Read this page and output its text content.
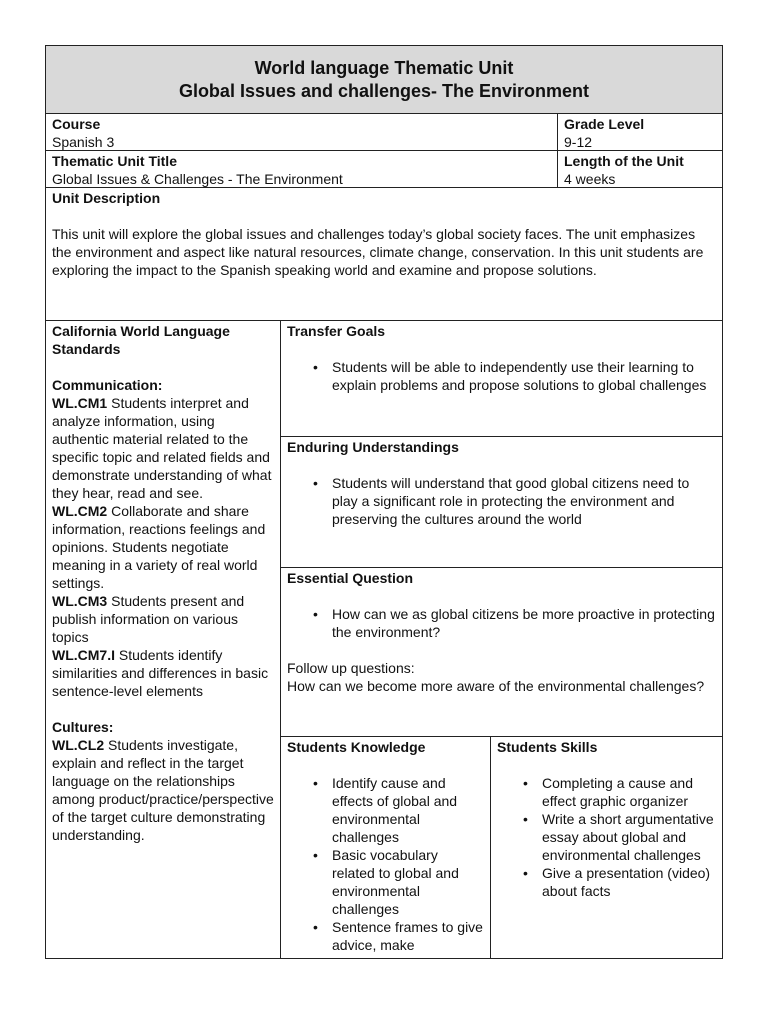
World language Thematic Unit
Global Issues and challenges- The Environment
Course
Spanish 3
Grade Level
9-12
Thematic Unit Title
Global Issues & Challenges - The Environment
Length of the Unit
4 weeks
Unit Description

This unit will explore the global issues and challenges today’s global society faces. The unit emphasizes the environment and aspect like natural resources, climate change, conservation. In this unit students are exploring the impact to the Spanish speaking world and examine and propose solutions.

California World Language Standards
Communication:

WL.CM1 Students interpret and analyze information, using authentic material related to the specific topic and related fields and demonstrate understanding of what they hear, read and see.

WL.CM2 Collaborate and share information, reactions feelings and opinions. Students negotiate meaning in a variety of real world settings.

WL.CM3 Students present and publish information on various topics

WL.CM7.I Students identify similarities and differences in basic sentence-level elements

Cultures:

WL.CL2 Students investigate, explain and reflect in the target language on the relationships among product/practice/perspective of the target culture demonstrating understanding.

Transfer Goals
• Students will be able to independently use their learning to explain problems and propose solutions to global challenges
Enduring Understandings
• Students will understand that good global citizens need to play a significant role in protecting the environment and preserving the cultures around the world
Essential Question
• How can we as global citizens be more proactive in protecting the environment?

Follow up questions:

How can we become more aware of the environmental challenges?

Students Knowledge
• Identify cause and effects of global and environmental challenges
• Basic vocabulary related to global and environmental challenges
• Sentence frames to give advice, make
Students Skills
• Completing a cause and effect graphic organizer
• Write a short argumentative essay about global and environmental challenges
• Give a presentation (video) about facts
